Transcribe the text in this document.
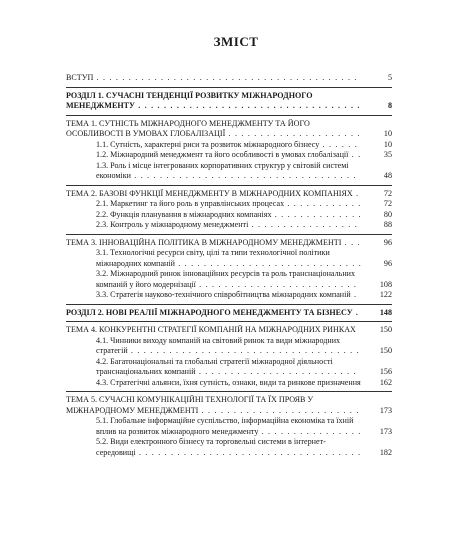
ЗМІСТ
ВСТУП . . . . . . . . . . . . . . . . . . . . . . . . . . . . . . . . . . . . . . . . .	5
РОЗДІЛ 1. СУЧАСНІ ТЕНДЕНЦІЇ РОЗВИТКУ МІЖНАРОДНОГО МЕНЕДЖМЕНТУ . . . . . . . . . . . . . . . . . . . . . . . . . . . . . . . . . . .	8
ТЕМА 1. СУТНІСТЬ МІЖНАРОДНОГО МЕНЕДЖМЕНТУ ТА ЙОГО ОСОБЛИВОСТІ В УМОВАХ ГЛОБАЛІЗАЦІЇ . . . . . . . . . . . . . . . . . . . . .	10
1.1. Сутність, характерні риси та розвиток міжнародного бізнесу . . . . . .	10
1.2. Міжнародний менеджмент та його особливості в умовах глобалізації . .	35
1.3. Роль і місце інтегрованих корпоративних структур у світовій системі економіки . . . . . . . . . . . . . . . . . . . . . . . . . . . . . . . . . . .	48
ТЕМА 2. БАЗОВІ ФУНКЦІЇ МЕНЕДЖМЕНТУ В МІЖНАРОДНИХ КОМПАНІЯХ .	72
2.1. Маркетинг та його роль в управлінських процесах . . . . . . . . . . . .	72
2.2. Функція планування в міжнародних компаніях . . . . . . . . . . . . . .	80
2.3. Контроль у міжнародному менеджменті . . . . . . . . . . . . . . . . .	88
ТЕМА 3. ІННОВАЦІЙНА ПОЛІТИКА В МІЖНАРОДНОМУ МЕНЕДЖМЕНТІ . . .	96
3.1. Технологічні ресурси світу, цілі та типи технологічної політики міжнародних компаній . . . . . . . . . . . . . . . . . . . . . . . . . . . . .	96
3.2. Міжнародний ринок інноваційних ресурсів та роль транснаціональних компаній у його модернізації . . . . . . . . . . . . . . . . . . . . . . . . .	108
3.3. Стратегія науково-технічного співробітництва міжнародних компаній .	122
РОЗДІЛ 2. НОВІ РЕАЛІЇ МІЖНАРОДНОГО МЕНЕДЖМЕНТУ ТА БІЗНЕСУ .	148
ТЕМА 4. КОНКУРЕНТНІ СТРАТЕГІЇ КОМПАНІЙ НА МІЖНАРОДНИХ РИНКАХ	150
4.1. Чинники виходу компаній на світовий ринок та види міжнародних стратегій . . . . . . . . . . . . . . . . . . . . . . . . . . . . . . . . . . . .	150
4.2. Багатонаціональні та глобальні стратегії міжнародної діяльності транснаціональних компаній . . . . . . . . . . . . . . . . . . . . . . . . .	156
4.3. Стратегічні альянси, їхня сутність, ознаки, види та ринкове призначення	162
ТЕМА 5. СУЧАСНІ КОМУНІКАЦІЙНІ ТЕХНОЛОГІЇ ТА ЇХ ПРОЯВ У МІЖНАРОДНОМУ МЕНЕДЖМЕНТІ . . . . . . . . . . . . . . . . . . . . . . . . .	173
5.1. Глобальне інформаційне суспільство, інформаційна економіка та їхній вплив на розвиток міжнародного менеджменту . . . . . . . . . . . . . . . .	173
5.2. Види електронного бізнесу та торговельні системи в інтернет-середовищі . . . . . . . . . . . . . . . . . . . . . . . . . . . . . . . . . . .	182
